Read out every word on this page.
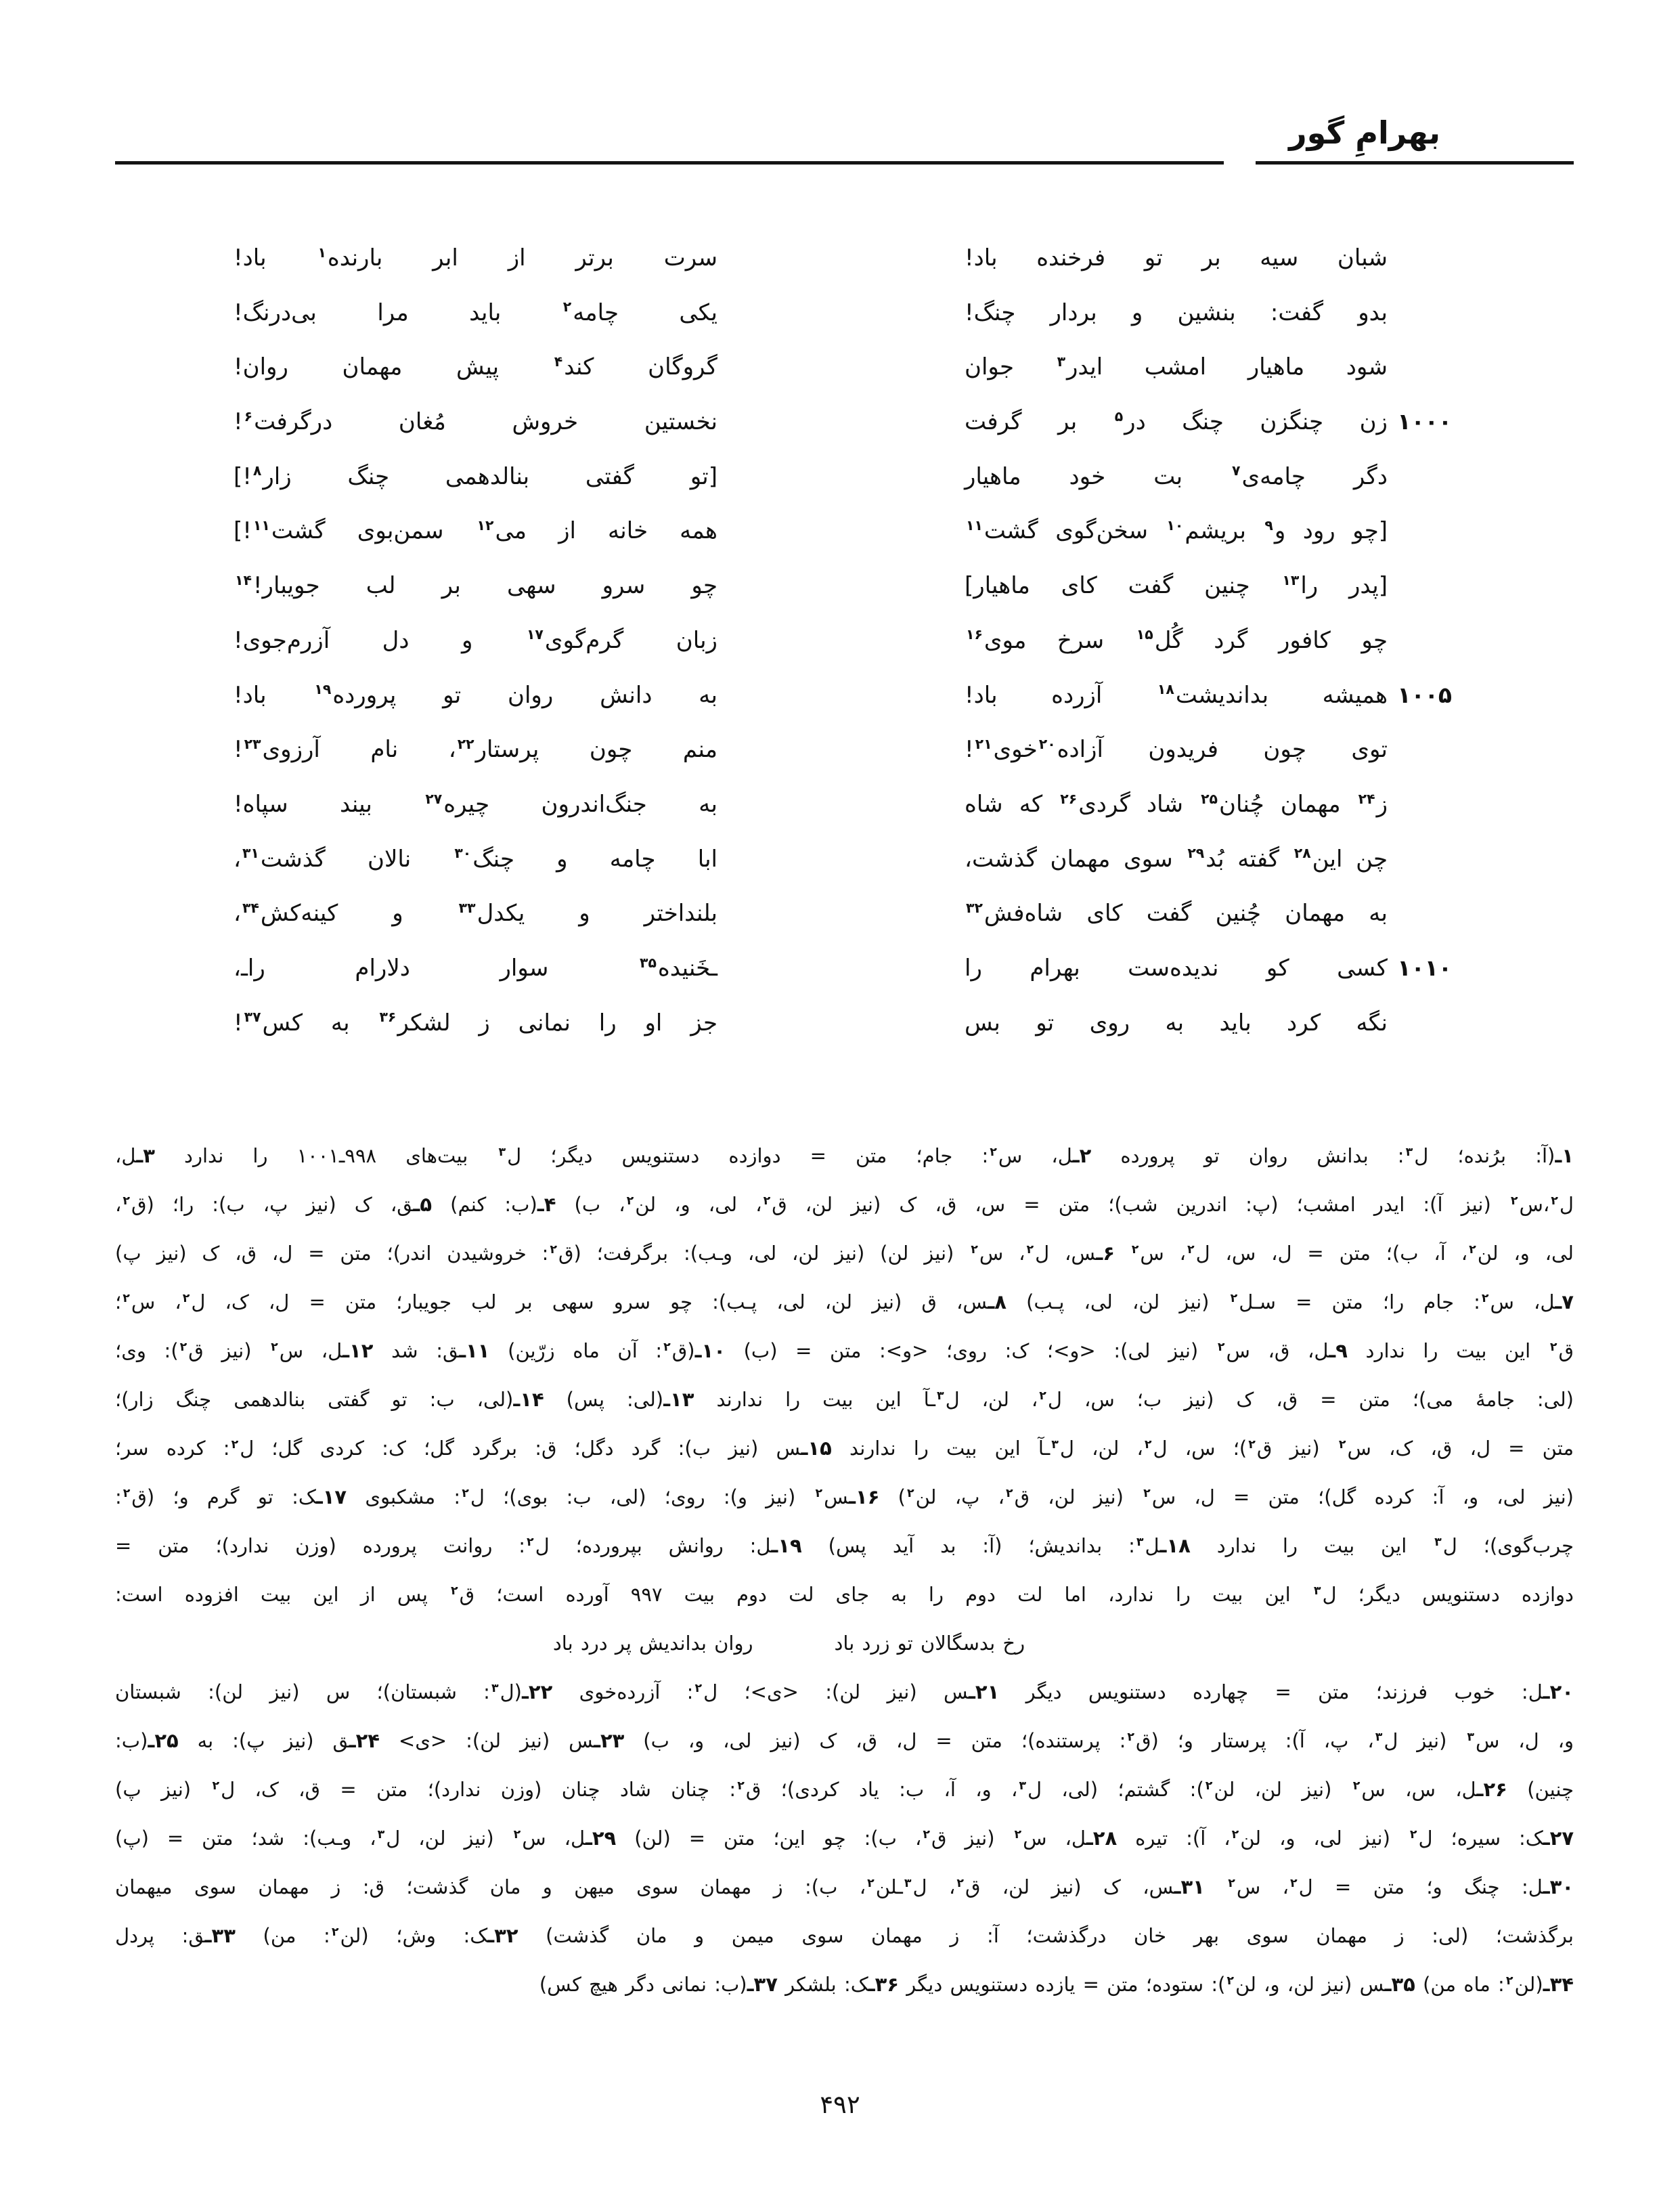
بهرامِ گور
شبان سیه بر تو فرخنده باد!
سرت برتر از ابر بارنده$^۱$ باد!
بدو گفت: بنشین و بردار چنگ!
یکی چامه$^۲$ باید مرا بی‌درنگ!
شود ماهیار امشب ایدر$^۳$ جوان
گروگان کند$^۴$ پیش مهمان روان!
۱۰۰۰
زن چنگزن چنگ در$^۵$ بر گرفت
نخستین خروش مُغان درگرفت$^۶$!
دگر چامه‌ی$^۷$ بت خود ماهیار
[تو گفتی بنالدهمی چنگ زار$^۸$!]
[چو رود و$^۹$ بریشم$^{۱۰}$ سخن‌گوی گشت$^{۱۱}$
همه خانه از می$^{۱۲}$ سمن‌بوی گشت$^{۱۱}$!]
[پدر را$^{۱۳}$ چنین گفت کای ماهیار]
چو سرو سهی بر لب جویبار!$^{۱۴}$
چو کافور گرد گُل$^{۱۵}$ سرخ موی$^{۱۶}$
زبان گرم‌گوی$^{۱۷}$ و دل آزرم‌جوی!
۱۰۰۵
همیشه بداندیشت$^{۱۸}$ آزرده باد!
به دانش روان تو پرورده$^{۱۹}$ باد!
توی چون فریدون آزاده$^{۲۰}$خوی$^{۲۱}$!
منم چون پرستار$^{۲۲}$، نام آرزوی$^{۲۳}$!
ز$^{۲۴}$ مهمان چُنان$^{۲۵}$ شاد گردی$^{۲۶}$ که شاه
به جنگ‌اندرون چیره$^{۲۷}$ بیند سپاه!
چن این$^{۲۸}$ گفته بُد$^{۲۹}$ سوی مهمان گذشت،
ابا چامه و چنگ$^{۳۰}$ نالان گذشت$^{۳۱}$،
به مهمان چُنین گفت کای شاه‌فش$^{۳۲}$
بلنداختر و یکدل$^{۳۳}$ و کینه‌کش$^{۳۴}$،
۱۰۱۰
کسی کو ندیده‌ست بهرام را
ـخَنیده$^{۳۵}$ سوار دلارام راـ،
نگه کرد باید به روی تو بس
جز او را نمانی ز لشکر$^{۳۶}$ به کس$^{۳۷}$!
۱ـ(آ: برُنده؛ ل$^۳$: بدانش روان تو پرورده ۲ـل، س$^۲$: جام؛ متن = دوازده دستنویس دیگر؛ ل$^۳$ بیت‌های ۹۹۸ـ۱۰۰۱ را ندارد ۳ـل،
ل$^۲$،س$^۲$ (نیز آ): ایدر امشب؛ (پ: اندرین شب)؛ متن = س، ق، ک (نیز لن، ق$^۲$، لی، و، لن$^۲$، ب) ۴ـ(ب: کنم) ۵ـق، ک (نیز پ، ب): را؛ (ق$^۲$،
لی، و، لن$^۲$، آ، ب)؛ متن = ل، س، ل$^۲$، س$^۲$ ۶ـس، ل$^۲$، س$^۲$ (نیز لن) (نیز لن، لی، وـب): برگرفت؛ (ق$^۲$: خروشیدن اندر)؛ متن = ل، ق، ک (نیز پ)
۷ـل، س$^۲$: جام را؛ متن = سـل$^۲$ (نیز لن، لی، پـب) ۸ـس، ق (نیز لن، لی، پـب): چو سرو سهی بر لب جویبار؛ متن = ل، ک، ل$^۲$، س$^۲$؛
ق$^۲$ این بیت را ندارد ۹ـل، ق، س$^۲$ (نیز لی): <و>؛ ک: روی؛ <و>: متن = (ب) ۱۰ـ(ق$^۲$: آن ماه زرّین) ۱۱ـق: شد ۱۲ـل، س$^۲$ (نیز ق$^۲$): وی؛
(لی: جامهٔ می)؛ متن = ق، ک (نیز ب؛ س، ل$^۲$، لن، ل$^۳$ـآ این بیت را ندارند ۱۳ـ(لی: پس) ۱۴ـ(لی، ب: تو گفتی بنالدهمی چنگ زار)؛
متن = ل، ق، ک، س$^۲$ (نیز ق$^۲$)؛ س، ل$^۲$، لن، ل$^۳$ـآ این بیت را ندارند ۱۵ـس (نیز ب): گرد دگل؛ ق: برگرد گل؛ ک: کردی گل؛ ل$^۲$: کرده سر؛
(نیز لی، و، آ: کرده گل)؛ متن = ل، س$^۲$ (نیز لن، ق$^۲$، پ، لن$^۲$) ۱۶ـس$^۲$ (نیز و): روی؛ (لی، ب: بوی)؛ ل$^۲$: مشکبوی ۱۷ـک: تو گرم و؛ (ق$^۲$:
چرب‌گوی)؛ ل$^۳$ این بیت را ندارد ۱۸ـل$^۳$: بداندیش؛ (آ: بد آید پس) ۱۹ـل: روانش بپرورده؛ ل$^۲$: روانت پرورده (وزن ندارد)؛ متن =
دوازده دستنویس دیگر؛ ل$^۳$ این بیت را ندارد، اما لت دوم را به جای لت دوم بیت ۹۹۷ آورده است؛ ق$^۲$ پس از این بیت افزوده است:
رخ بدسگالان تو زرد باد
روان بداندیش پر درد باد
۲۰ـل: خوب فرزند؛ متن = چهارده دستنویس دیگر ۲۱ـس (نیز لن): <ی>؛ ل$^۲$: آزرده‌خوی ۲۲ـ(ل$^۳$: شبستان)؛ س (نیز لن): شبستان
و، ل، س$^۳$ (نیز ل$^۳$، پ، آ): پرستار و؛ (ق$^۲$: پرستنده)؛ متن = ل، ق، ک (نیز لی، و، ب) ۲۳ـس (نیز لن): <ی> ۲۴ـق (نیز پ): به ۲۵ـ(ب:
چنین) ۲۶ـل، س، س$^۲$ (نیز لن، لن$^۲$): گشتم؛ (لی، ل$^۳$، و، آ، ب: یاد کردی)؛ ق$^۲$: چنان شاد چنان (وزن ندارد)؛ متن = ق، ک، ل$^۲$ (نیز پ)
۲۷ـک: سیره؛ ل$^۲$ (نیز لی، و، لن$^۲$، آ): تیره ۲۸ـل، س$^۲$ (نیز ق$^۲$، ب): چو این؛ متن = (لن) ۲۹ـل، س$^۲$ (نیز لن، ل$^۳$، وـب): شد؛ متن = (پ)
۳۰ـل: چنگ و؛ متن = ل$^۲$، س$^۲$ ۳۱ـس، ک (نیز لن، ق$^۲$، ل$^۳$ـلن$^۲$، ب): ز مهمان سوی میهن و مان گذشت؛ ق: ز مهمان سوی میهمان
برگذشت؛ (لی: ز مهمان سوی بهر خان درگذشت؛ آ: ز مهمان سوی میمن و مان گذشت) ۳۲ـک: وش؛ (لن$^۲$: من) ۳۳ـق: پردل
۳۴ـ(لن$^۲$: ماه من) ۳۵ـس (نیز لن، و، لن$^۲$): ستوده؛ متن = یازده دستنویس دیگر ۳۶ـک: بلشکر ۳۷ـ(ب: نمانی دگر هیچ کس)
۴۹۲
